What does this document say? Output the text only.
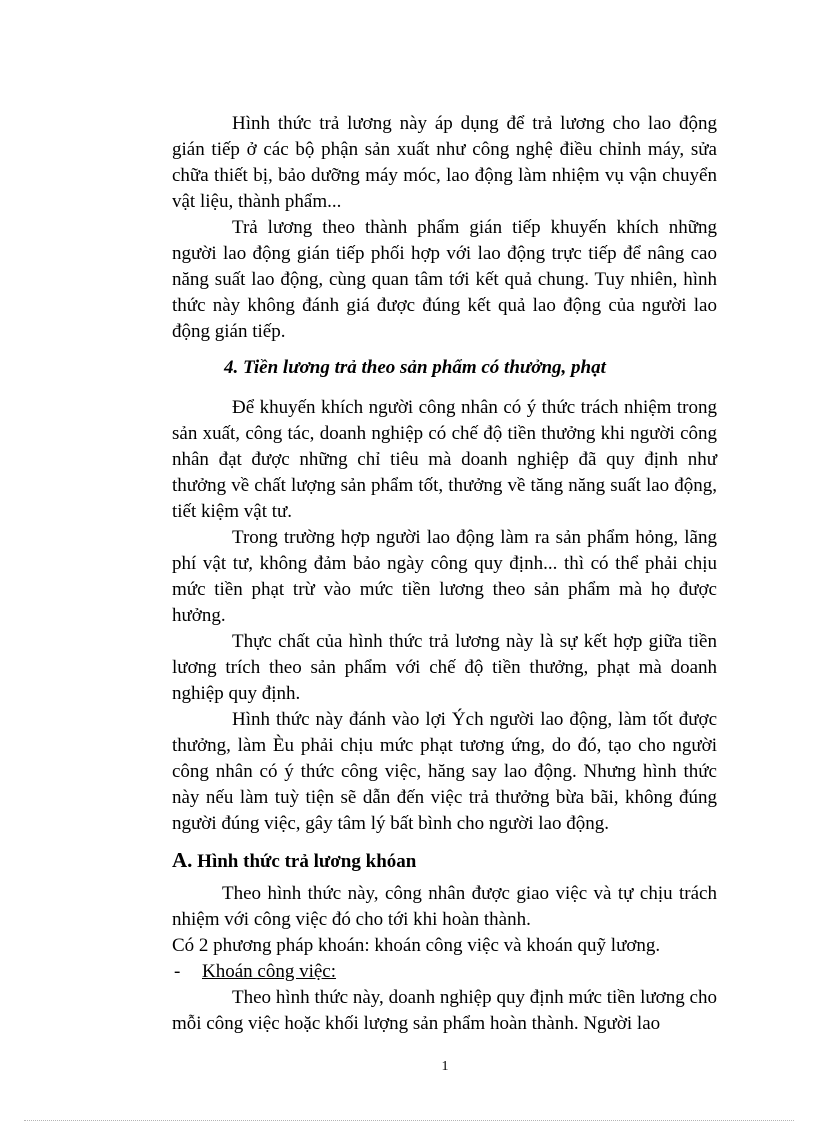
Hình thức trả lương này áp dụng để trả lương cho lao động gián tiếp ở các bộ phận sản xuất như công nghệ điều chỉnh máy, sửa chữa thiết bị, bảo dưỡng máy móc, lao động làm nhiệm vụ vận chuyển vật liệu, thành phẩm...

Trả lương theo thành phẩm gián tiếp khuyến khích những người lao động gián tiếp phối hợp với lao động trực tiếp để nâng cao năng suất lao động, cùng quan tâm tới kết quả chung. Tuy nhiên, hình thức này không đánh giá được đúng kết quả lao động của người lao động gián tiếp.

4. Tiền lương trả theo sản phẩm có thưởng, phạt

Để khuyến khích người công nhân có ý thức trách nhiệm trong sản xuất, công tác, doanh nghiệp có chế độ tiền thưởng khi người công nhân đạt được những chỉ tiêu mà doanh nghiệp đã quy định như thưởng về chất lượng sản phẩm tốt, thưởng về tăng năng suất lao động, tiết kiệm vật tư.

Trong trường hợp người lao động làm ra sản phẩm hỏng, lãng phí vật tư, không đảm bảo ngày công quy định... thì có thể phải chịu mức tiền phạt trừ vào mức tiền lương theo sản phẩm mà họ được hưởng.

Thực chất của hình thức trả lương này là sự kết hợp giữa tiền lương trích theo sản phẩm với chế độ tiền thưởng, phạt mà doanh nghiệp quy định.

Hình thức này đánh vào lợi Ých người lao động, làm tốt được thưởng, làm Èu phải chịu mức phạt tương ứng, do đó, tạo cho người công nhân có ý thức công việc, hăng say lao động. Nhưng hình thức này nếu làm tuỳ tiện sẽ dẫn đến việc trả thưởng bừa bãi, không đúng người đúng việc, gây tâm lý bất bình cho người lao động.

A. Hình thức trả lương khóan

Theo hình thức này, công nhân được giao việc và tự chịu trách nhiệm với công việc đó cho tới khi hoàn thành.

Có 2 phương pháp khoán: khoán công việc và khoán quỹ lương.

-	Khoán công việc:

Theo hình thức này, doanh nghiệp quy định mức tiền lương cho mỗi công việc hoặc khối lượng sản phẩm hoàn thành. Người lao

1
